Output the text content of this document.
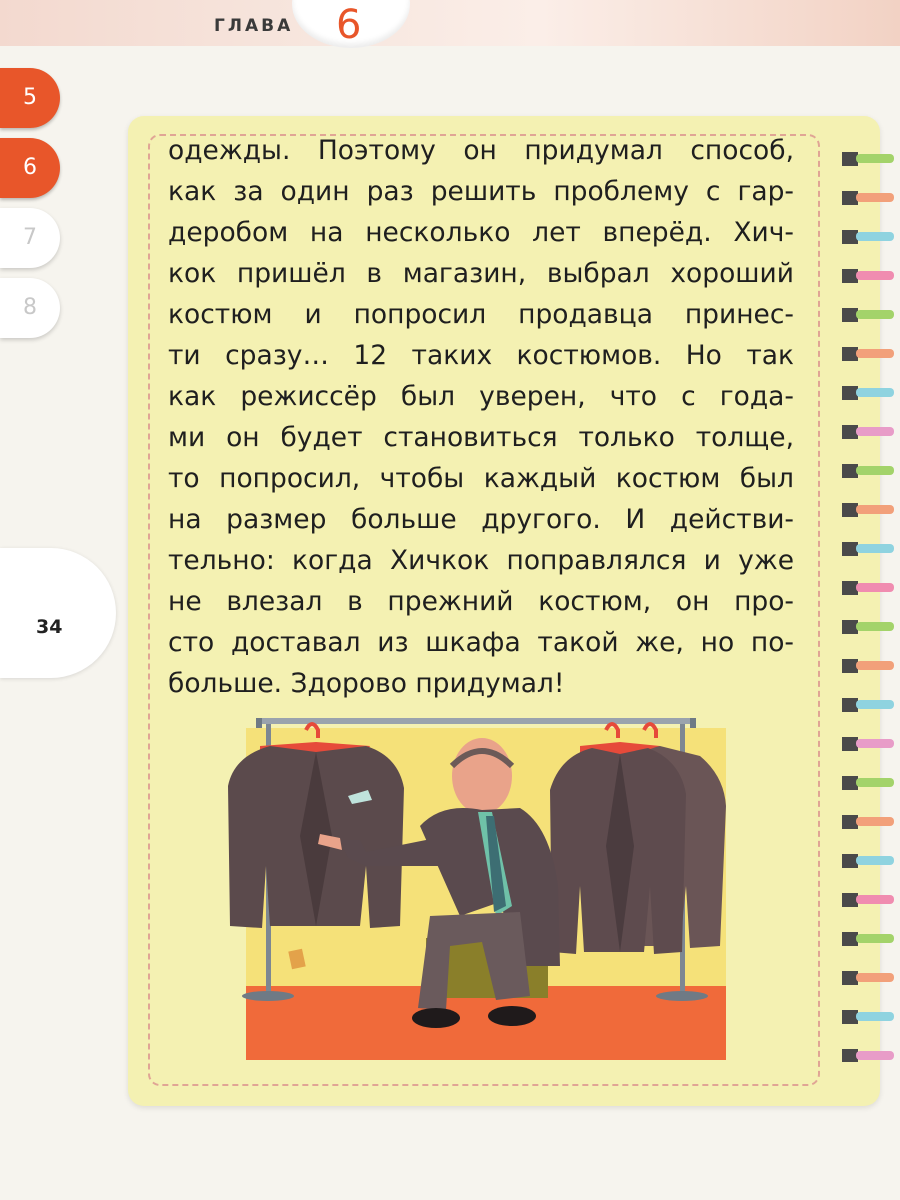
ГЛАВА 6
5
6
7
8
34
одежды. Поэтому он придумал способ,
как за один раз решить проблему с гар-
деробом на несколько лет вперёд. Хич-
кок пришёл в магазин, выбрал хороший
костюм и попросил продавца принес-
ти сразу… 12 таких костюмов. Но так
как режиссёр был уверен, что с года-
ми он будет становиться только толще,
то попросил, чтобы каждый костюм был
на размер больше другого. И действи-
тельно: когда Хичкок поправлялся и уже
не влезал в прежний костюм, он про-
сто доставал из шкафа такой же, но по-
больше. Здорово придумал!
